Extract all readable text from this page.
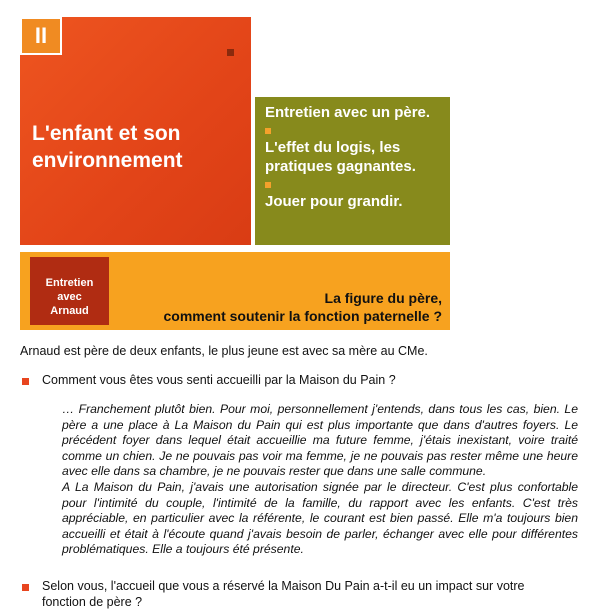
II
L'enfant et son
environnement
Entretien avec un père.
L'effet du logis, les pratiques gagnantes.
Jouer pour grandir.
Entretien
avec
Arnaud
La figure du père,
comment soutenir la fonction paternelle ?
Arnaud est père de deux enfants, le plus jeune est avec sa mère au CMe.
Comment vous êtes vous senti accueilli par la Maison du Pain ?

… Franchement plutôt bien. Pour moi, personnellement j'entends, dans tous les cas, bien. Le père a une place à La Maison du Pain qui est plus importante que dans d'autres foyers. Le précédent foyer dans lequel était accueillie ma future femme, j'étais inexistant, voire traité comme un chien. Je ne pouvais pas voir ma femme, je ne pouvais pas rester même une heure avec elle dans sa chambre, je ne pouvais rester que dans une salle commune.

A La Maison du Pain, j'avais une autorisation signée par le directeur. C'est plus confortable pour l'intimité du couple, l'intimité de la famille, du rapport avec les enfants. C'est très appréciable, en particulier avec la référente, le courant est bien passé. Elle m'a toujours bien accueilli et était à l'écoute quand j'avais besoin de parler, échanger avec elle pour différentes problématiques. Elle a toujours été présente.

Selon vous, l'accueil que vous a réservé la Maison Du Pain a-t-il eu un impact sur votre
fonction de père ?
